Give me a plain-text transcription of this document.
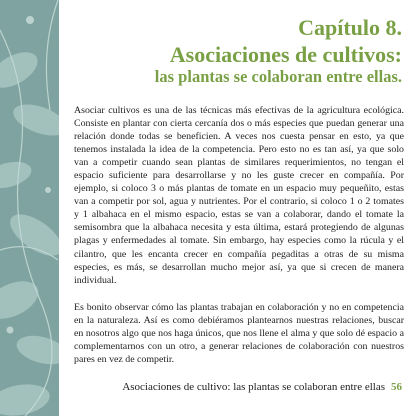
Capítulo 8.
Asociaciones de cultivos:
las plantas se colaboran entre ellas.

Asociar cultivos es una de las técnicas más efectivas de la agricultura ecológica. Consiste en plantar con cierta cercanía dos o más especies que puedan generar una relación donde todas se beneficien. A veces nos cuesta pensar en esto, ya que tenemos instalada la idea de la competencia. Pero esto no es tan así, ya que solo van a competir cuando sean plantas de similares requerimientos, no tengan el espacio suficiente para desarrollarse y no les guste crecer en compañía. Por ejemplo, si coloco 3 o más plantas de tomate en un espacio muy pequeñito, estas van a competir por sol, agua y nutrientes. Por el contrario, si coloco 1 o 2 tomates y 1 albahaca en el mismo espacio, estas se van a colaborar, dando el tomate la semisombra que la albahaca necesita y esta última, estará protegiendo de algunas plagas y enfermedades al tomate. Sin embargo, hay especies como la rúcula y el cilantro, que les encanta crecer en compañía pegaditas a otras de su misma especies, es más, se desarrollan mucho mejor así, ya que si crecen de manera individual.

Es bonito observar cómo las plantas trabajan en colaboración y no en competencia en la naturaleza. Así es como debiéramos plantearnos nuestras relaciones, buscar en nosotros algo que nos haga únicos, que nos llene el alma y que solo dé espacio a complementarnos con un otro, a generar relaciones de colaboración con nuestros pares en vez de competir.

Asociaciones de cultivo: las plantas se colaboran entre ellas 56
